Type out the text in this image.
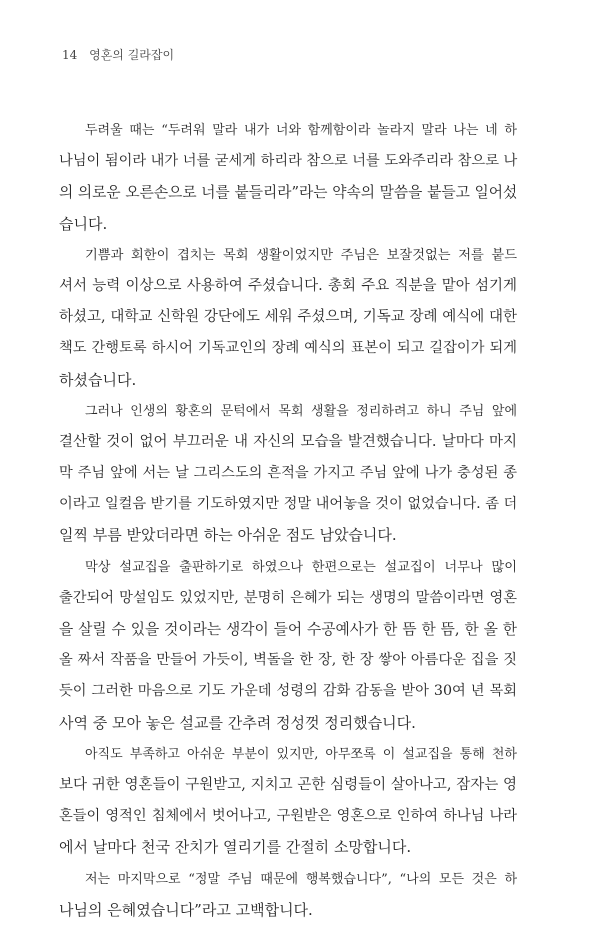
14 영혼의 길라잡이
두려울 때는 “두려워 말라 내가 너와 함께함이라 놀라지 말라 나는 네 하
나님이 됨이라 내가 너를 굳세게 하리라 참으로 너를 도와주리라 참으로 나
의 의로운 오른손으로 너를 붙들리라”라는 약속의 말씀을 붙들고 일어섰
습니다.
기쁨과 회한이 겹치는 목회 생활이었지만 주님은 보잘것없는 저를 붙드
셔서 능력 이상으로 사용하여 주셨습니다. 총회 주요 직분을 맡아 섬기게
하셨고, 대학교 신학원 강단에도 세워 주셨으며, 기독교 장례 예식에 대한
책도 간행토록 하시어 기독교인의 장례 예식의 표본이 되고 길잡이가 되게
하셨습니다.
그러나 인생의 황혼의 문턱에서 목회 생활을 정리하려고 하니 주님 앞에
결산할 것이 없어 부끄러운 내 자신의 모습을 발견했습니다. 날마다 마지
막 주님 앞에 서는 날 그리스도의 흔적을 가지고 주님 앞에 나가 충성된 종
이라고 일컬음 받기를 기도하였지만 정말 내어놓을 것이 없었습니다. 좀 더
일찍 부름 받았더라면 하는 아쉬운 점도 남았습니다.
막상 설교집을 출판하기로 하였으나 한편으로는 설교집이 너무나 많이
출간되어 망설임도 있었지만, 분명히 은혜가 되는 생명의 말씀이라면 영혼
을 살릴 수 있을 것이라는 생각이 들어 수공예사가 한 뜸 한 뜸, 한 올 한
올 짜서 작품을 만들어 가듯이, 벽돌을 한 장, 한 장 쌓아 아름다운 집을 짓
듯이 그러한 마음으로 기도 가운데 성령의 감화 감동을 받아 30여 년 목회
사역 중 모아 놓은 설교를 간추려 정성껏 정리했습니다.
아직도 부족하고 아쉬운 부분이 있지만, 아무쪼록 이 설교집을 통해 천하
보다 귀한 영혼들이 구원받고, 지치고 곤한 심령들이 살아나고, 잠자는 영
혼들이 영적인 침체에서 벗어나고, 구원받은 영혼으로 인하여 하나님 나라
에서 날마다 천국 잔치가 열리기를 간절히 소망합니다.
저는 마지막으로 “정말 주님 때문에 행복했습니다”, “나의 모든 것은 하
나님의 은혜였습니다”라고 고백합니다.
